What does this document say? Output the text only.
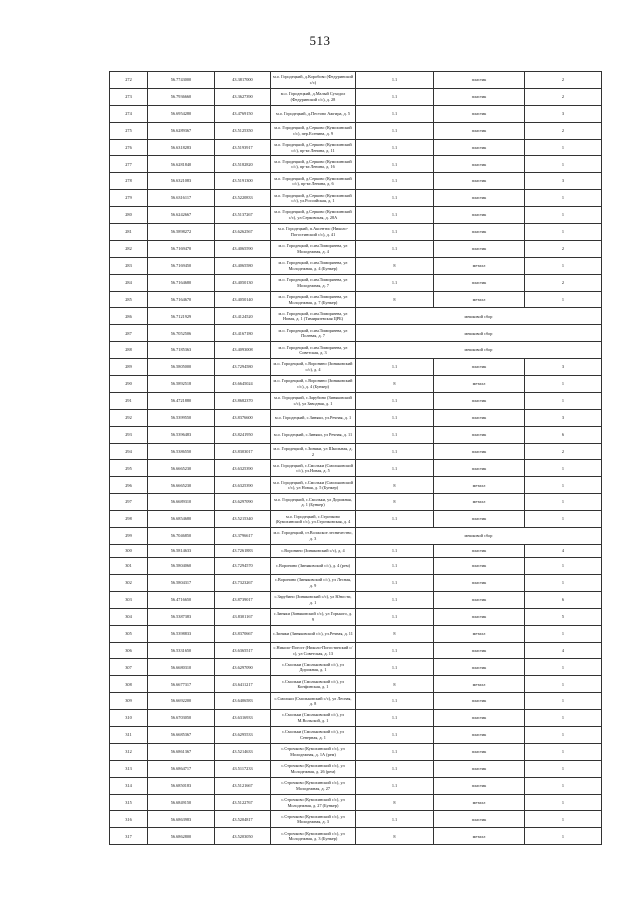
513
272	56.7743000	43.3817000	м.о. Городецкий, д.Коробово (Федуринский с/с)	1.1	пластик	2
273	56.7936660	43.3627390	м.о. Городецкий, д.Малый Суходол (Федуринский с/с), д. 28	1.1	пластик	2
274	56.6954280	43.4769150	м.о. Городецкий, д.Пестово Ажгира, д. 5	1.1	пластик	3
275	56.6289367	43.5125350	м.о. Городецкий, д.Серково (Кумохинский с/с), пер.Есенина, д. 9	1.1	пластик	2
276	56.6318283	43.5193917	м.о. Городецкий, д.Серково (Кумохинский с/с), пр-кт.Ленина, д. 11	1.1	пластик	1
277	56.6281840	43.5182820	м.о. Городецкий, д.Серково (Кумохинский с/с), пр-кт.Ленина, д. 16	1.1	пластик	1
278	56.6321083	43.5191300	м.о. Городецкий, д.Серково (Кумохинский с/с), пр-кт.Ленина, д. 6	1.1	пластик	3
279	56.6316117	43.5220833	м.о. Городецкий, д.Серково (Кумохинский с/с), ул.Российская, д. 1	1.1	пластик	1
280	56.6242667	43.5137267	м.о. Городецкий, д.Серково (Кумохинский с/с), ул.Серковская, д. 28А	1.1	пластик	1
281	56.5898272	43.6262567	м.о. Городецкий, п.Аксентис (Николо-Погостинский с/с), д. 41	1.1	пластик	1
282	56.7169470	43.4065590	м.о. Городецкий, п.им.Тимирязева, ул Молодежная, д. 4	1.1	пластик	2
283	56.7169450	43.4065580	м.о. Городецкий, п.им.Тимирязева, ул Молодежная, д. 4 (Бункер)	8	металл	1
284	56.7164680	43.4050130	м.о. Городецкий, п.им.Тимирязева, ул Молодежная, д. 7	1.1	пластик	2
285	56.7164670	43.4050140	м.о. Городецкий, п.им.Тимирязева, ул Молодежная, д. 7 (Бункер)	8	металл	1
286	56.7121929	43.4124520	м.о. Городецкий, п.им.Тимирязева, ул Новая, д. 1 (Тимирязевская ЦРБ)	мешковой сбор		
287	56.7052506	43.4167180	м.о. Городецкий, п.им.Тимирязева, ул Полевая, д. 7	мешковой сбор		
288	56.7185363	43.4093008	м.о. Городецкий, п.им.Тимирязева, ул Советская, д. 3	мешковой сбор		
289	56.5805000	43.7294580	м.о. Городецкий, с.Воронино (Зиняковский с/с), д. 4	1.1	пластик	3
290	56.5892518	43.6645024	м.о. Городецкий, с.Воронино (Зиняковский с/с), д. 4 (Бункер)	8	металл	1
291	56.4721880	43.8682370	м.о. Городецкий, с.Зарубино (Зиняковский с/с), ул Заводная, д. 1	1.1	пластик	1
292	56.5399550	43.8376600	м.о. Городецкий, с.Зиняки, ул.Речная, д. 1	1.1	пластик	3
293	56.5396483	43.8241950	м.о. Городецкий, с.Зиняки, ул Речная, д. 11	1.1	пластик	6
294	56.5386550	43.8303017	м.о. Городецкий, с.Зиняки, ул Школьная, д. 2	1.1	пластик	2
295	56.6665230	43.6325390	м.о. Городецкий, с.Смольки (Смольковский с/с), ул.Новая, д. 5	1.1	пластик	1
296	56.6665230	43.6325390	м.о. Городецкий, с.Смольки (Смольковский с/с), ул Новая, д. 5 (Бункер)	8	металл	1
297	56.6689310	43.6297090	м.о. Городецкий, с.Смольки, ул Дорожная, д. 1 (Бункер)	8	металл	1
298	56.6854680	43.5215340	м.о. Городецкий, с.Строчково (Кумохинский с/с), ул.Строчковская, д. 4	1.1	пластик	1
299	56.7046850	43.3796617	м.о. Городецкий, ст.Волжское лесничество, д. 3	мешковой сбор		
300	56.5814633	43.7261883	с.Воронино (Зиняковский с/с), д. 4	1.1	пластик	4
301	56.5804060	43.7294570	с.Воронино (Зиняковский с/с), д. 4 (рем)	1.1	пластик	1
302	56.5804317	43.7323267	с.Воронино (Зиняковский с/с), ул Лесная, д. 9	1.1	пластик	1
303	56.4716650	43.8739017	с.Зарубино (Зиняковский с/с), ул Юности, д. 1	1.1	пластик	6
304	56.5387383	43.8301167	с.Зиняки (Зиняковский с/с), ул Горького, д. 9	1.1	пластик	5
305	56.5398833	43.8370667	с.Зиняки (Зиняковский с/с), ул.Речная, д. 11	8	металл	1
306	56.5331650	43.6365517	с.Николо-Погост (Николо-Погостинский с/с), ул Советская, д. 13	1.1	пластик	4
307	56.6680310	43.6297090	с.Смольки (Смольковский с/с), ул Дорожная, д. 1	1.1	пластик	1
308	56.6677317	43.6411217	с.Смольки (Смольковский с/с), ул Конфинская, д. 1	8	металл	1
309	56.6692200	43.6406583	с.Смольки (Смольковский с/с), ул Лесная, д. 8	1.1	пластик	1
310	56.6703050	43.6316933	с.Смольки (Смольковский с/с), ул М.Вольской, д. 1	1.1	пластик	1
311	56.6685367	43.6295533	с.Смольки (Смольковский с/с), ул Северная, д. 1	1.1	пластик	1
312	56.6861367	43.5214633	с.Строчково (Кумохинский с/с), ул Молодежная, д. 1А (рем)	1.1	пластик	1
313	56.6864717	43.5117233	с.Строчково (Кумохинский с/с), ул Молодежная, д. 26 (рем)	1.1	пластик	1
314	56.6850183	43.5121667	с.Строчково (Кумохинский с/с), ул Молодежная, д. 27	1.1	пластик	1
315	56.6849150	43.5122767	с.Строчково (Кумохинский с/с), ул Молодежная, д. 27 (Бункер)	8	металл	1
316	56.6863983	43.5204817	с.Строчково (Кумохинский с/с), ул Молодежная, д. 3	1.1	пластик	1
317	56.6862800	43.5203050	с.Строчково (Кумохинский с/с), ул Молодежная, д. 3 (Бункер)	8	металл	1
